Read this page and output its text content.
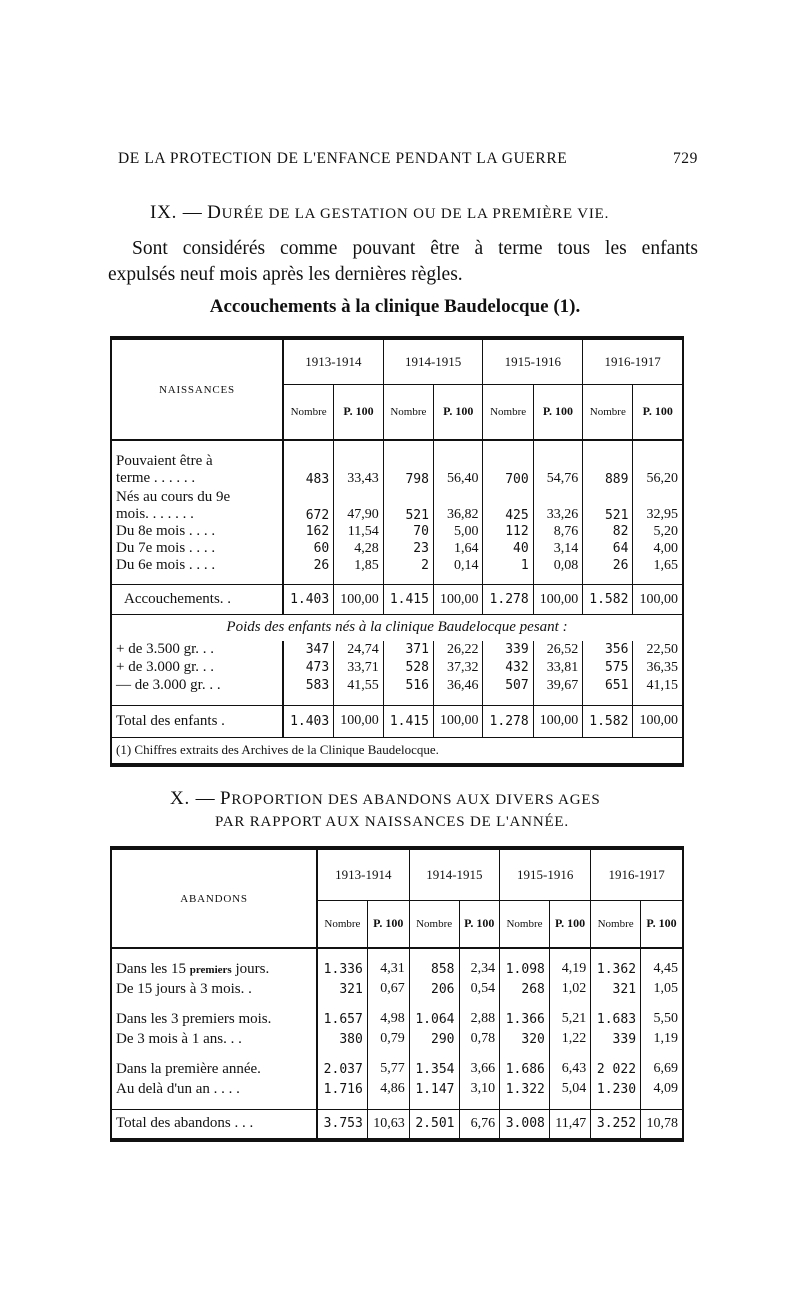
DE LA PROTECTION DE L'ENFANCE PENDANT LA GUERRE	729
IX. — DURÉE DE LA GESTATION OU DE LA PREMIÈRE VIE.
Sont considérés comme pouvant être à terme tous les enfants
expulsés neuf mois après les dernières règles.
Accouchements à la clinique Baudelocque (1).
NAISSANCES	1913-1914		1914-1915		1915-1916		1916-1917	
	Nombre	P. 100	Nombre	P. 100	Nombre	P. 100	Nombre	P. 100

Pouvaient être à
terme . . . . . .	483	33,43	798	56,40	700	54,76	889	56,20

Nés au cours du 9e
mois. . . . . . .	672	47,90	521	36,82	425	33,26	521	32,95
Du 8e mois . . . .	162	11,54	70	5,00	112	8,76	82	5,20
Du 7e mois . . . .	60	4,28	23	1,64	40	3,14	64	4,00
Du 6e mois . . . .	26	1,85	2	0,14	1	0,08	26	1,65

Accouchements. .	1.403	100,00	1.415	100,00	1.278	100,00	1.582	100,00
Poids des enfants nés à la clinique Baudelocque pesant :								
+ de 3.500 gr. . .	347	24,74	371	26,22	339	26,52	356	22,50
+ de 3.000 gr. . .	473	33,71	528	37,32	432	33,81	575	36,35
— de 3.000 gr. . .	583	41,55	516	36,46	507	39,67	651	41,15

Total des enfants .	1.403	100,00	1.415	100,00	1.278	100,00	1.582	100,00
(1) Chiffres extraits des Archives de la Clinique Baudelocque.								
X. — PROPORTION DES ABANDONS AUX DIVERS AGES
PAR RAPPORT AUX NAISSANCES DE L'ANNÉE.
ABANDONS	1913-1914		1914-1915		1915-1916		1916-1917	
	Nombre	P. 100	Nombre	P. 100	Nombre	P. 100	Nombre	P. 100

Dans les 15 premiers jours.	1.336	4,31	858	2,34	1.098	4,19	1.362	4,45
De 15 jours à 3 mois. .	321	0,67	206	0,54	268	1,02	321	1,05

Dans les 3 premiers mois.	1.657	4,98	1.064	2,88	1.366	5,21	1.683	5,50
De 3 mois à 1 ans. . .	380	0,79	290	0,78	320	1,22	339	1,19

Dans la première année.	2.037	5,77	1.354	3,66	1.686	6,43	2 022	6,69
Au delà d'un an . . . .	1.716	4,86	1.147	3,10	1.322	5,04	1.230	4,09

Total des abandons . . .	3.753	10,63	2.501	6,76	3.008	11,47	3.252	10,78
